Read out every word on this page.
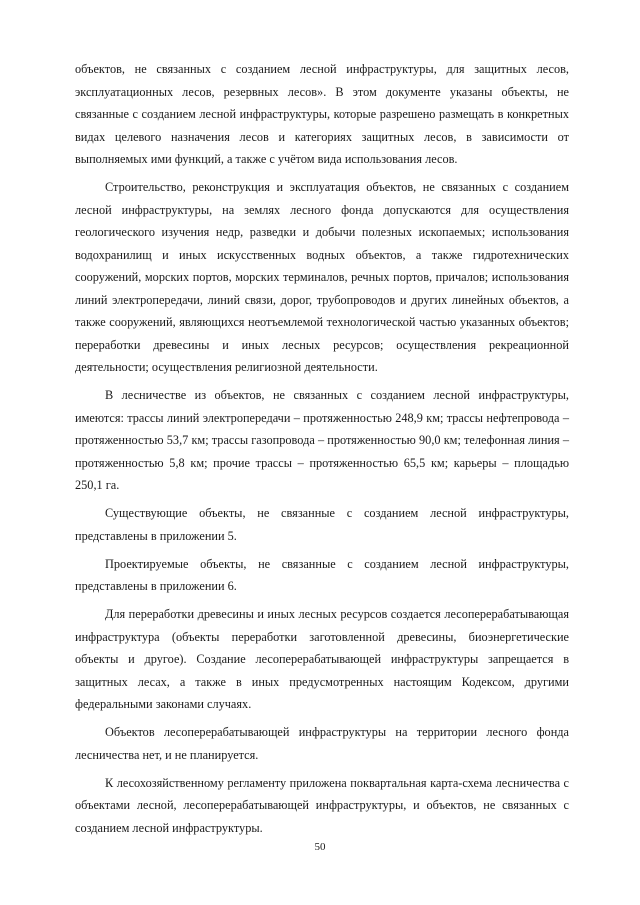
объектов, не связанных с созданием лесной инфраструктуры, для защитных лесов, эксплуатационных лесов, резервных лесов». В этом документе указаны объекты, не связанные с созданием лесной инфраструктуры, которые разрешено размещать в конкретных видах целевого назначения лесов и категориях защитных лесов, в зависимости от выполняемых ими функций, а также с учётом вида использования лесов.

Строительство, реконструкция и эксплуатация объектов, не связанных с созданием лесной инфраструктуры, на землях лесного фонда допускаются для осуществления геологического изучения недр, разведки и добычи полезных ископаемых; использования водохранилищ и иных искусственных водных объектов, а также гидротехнических сооружений, морских портов, морских терминалов, речных портов, причалов; использования линий электропередачи, линий связи, дорог, трубопроводов и других линейных объектов, а также сооружений, являющихся неотъемлемой технологической частью указанных объектов; переработки древесины и иных лесных ресурсов; осуществления рекреационной деятельности; осуществления религиозной деятельности.

В лесничестве из объектов, не связанных с созданием лесной инфраструктуры, имеются: трассы линий электропередачи – протяженностью 248,9 км; трассы нефтепровода – протяженностью 53,7 км; трассы газопровода – протяженностью 90,0 км; телефонная линия – протяженностью 5,8 км; прочие трассы – протяженностью 65,5 км; карьеры – площадью 250,1 га.

Существующие объекты, не связанные с созданием лесной инфраструктуры, представлены в приложении 5.

Проектируемые объекты, не связанные с созданием лесной инфраструктуры, представлены в приложении 6.

Для переработки древесины и иных лесных ресурсов создается лесоперерабатывающая инфраструктура (объекты переработки заготовленной древесины, биоэнергетические объекты и другое). Создание лесоперерабатывающей инфраструктуры запрещается в защитных лесах, а также в иных предусмотренных настоящим Кодексом, другими федеральными законами случаях.

Объектов лесоперерабатывающей инфраструктуры на территории лесного фонда лесничества нет, и не планируется.

К лесохозяйственному регламенту приложена поквартальная карта-схема лесничества с объектами лесной, лесоперерабатывающей инфраструктуры, и объектов, не связанных с созданием лесной инфраструктуры.

50
